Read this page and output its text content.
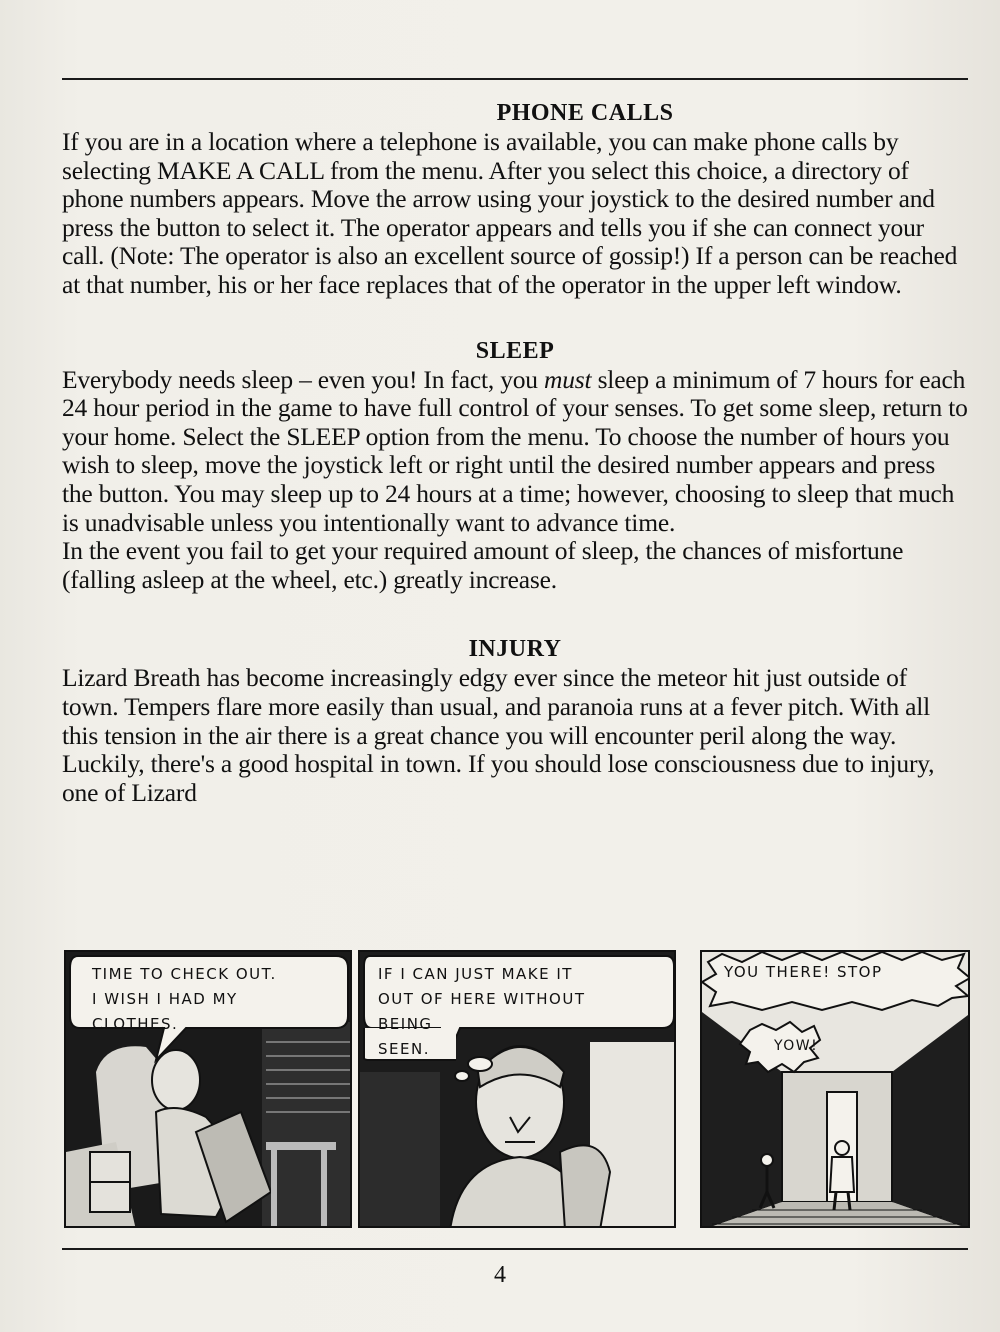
PHONE CALLS

If you are in a location where a telephone is available, you can make phone calls by selecting MAKE A CALL from the menu. After you select this choice, a directory of phone numbers appears. Move the arrow using your joystick to the desired number and press the button to select it. The operator appears and tells you if she can connect your call. (Note: The operator is also an excellent source of gossip!) If a person can be reached at that number, his or her face replaces that of the operator in the upper left window.

SLEEP

Everybody needs sleep – even you! In fact, you must sleep a minimum of 7 hours for each 24 hour period in the game to have full control of your senses. To get some sleep, return to your home. Select the SLEEP option from the menu. To choose the number of hours you wish to sleep, move the joystick left or right until the desired number appears and press the button. You may sleep up to 24 hours at a time; however, choosing to sleep that much is unadvisable unless you intentionally want to advance time.

In the event you fail to get your required amount of sleep, the chances of misfortune (falling asleep at the wheel, etc.) greatly increase.

INJURY

Lizard Breath has become increasingly edgy ever since the meteor hit just outside of town. Tempers flare more easily than usual, and paranoia runs at a fever pitch. With all this tension in the air there is a great chance you will encounter peril along the way. Luckily, there's a good hospital in town. If you should lose consciousness due to injury, one of Lizard

TIME TO CHECK OUT.
I WISH I HAD MY
CLOTHES.
IF I CAN JUST MAKE IT
OUT OF HERE WITHOUT
BEING
SEEN.
YOU THERE! STOP
YOW!
4
